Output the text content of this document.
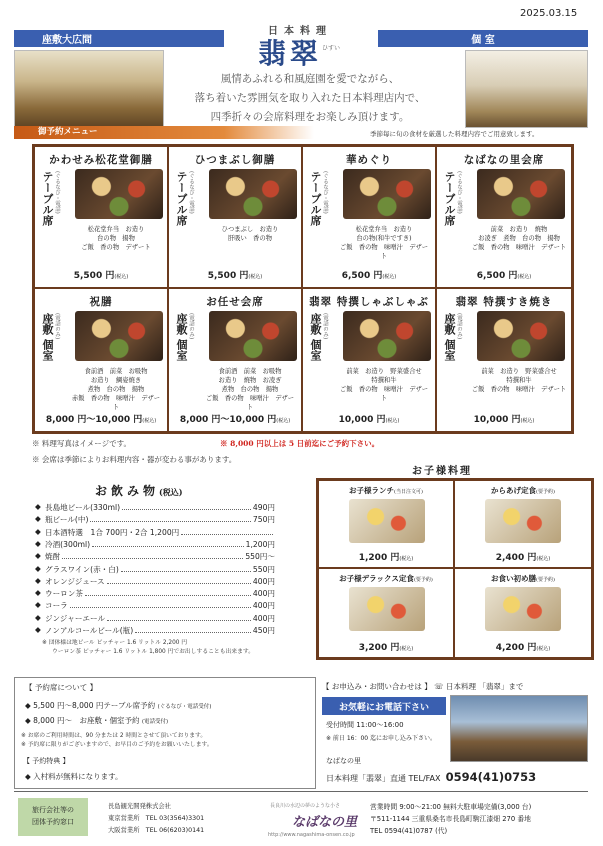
2025.03.15
座敷大広間	個 室
日本料理
翡翠 ひすい
風情あふれる和風庭園を愛でながら、
落ち着いた雰囲気を取り入れた日本料理店内で、
四季折々の会席料理をお楽しみ頂けます。
御予約メニュー	季節毎に旬の食材を厳選した料理内容でご用意致します。
かわせみ松花堂御膳
テーブル席 (ぐるなび・電話)
松花堂弁当　お造り
台の物　揚物
ご飯　香の物　デザート
5,500 円(税込)
ひつまぶし御膳
テーブル席 (ぐるなび・電話)
ひつまぶし　お造り
肝吸い　香の物
5,500 円(税込)
華めぐり
テーブル席 (ぐるなび・電話)
松花堂弁当　お造り
台の物(和牛ですき)
ご飯　香の物　味噌汁　デザート
6,500 円(税込)
なばなの里会席
テーブル席 (ぐるなび・電話)
前菜　お造り　焼物
お凌ぎ　煮物　台の物　揚物
ご飯　香の物　味噌汁　デザート
6,500 円(税込)
祝膳
座敷 個室 (電話のみ)
食前酒　前菜　お吸物
お造り　鯛姿焼き
煮物　台の物　揚物
赤飯　香の物　味噌汁　デザート
8,000 円～10,000 円(税込)
お任せ会席
座敷 個室 (電話のみ)
食前酒　前菜　お吸物
お造り　焼物　お凌ぎ
煮物　台の物　揚物
ご飯　香の物　味噌汁　デザート
8,000 円～10,000 円(税込)
翡翠 特撰しゃぶしゃぶ
座敷 個室 (電話のみ)
前菜　お造り　野菜盛合せ
特撰和牛
ご飯　香の物　味噌汁　デザート
10,000 円(税込)
翡翠 特撰すき焼き
座敷 個室 (電話のみ)
前菜　お造り　野菜盛合せ
特撰和牛
ご飯　香の物　味噌汁　デザート
10,000 円(税込)
※ 料理写真はイメージです。	※ 8,000 円以上は 5 日前迄にご予約下さい。
※ 会席は季節によりお料理内容・器が変わる事があります。
お飲み物(税込)
◆ 長島地ビール(330ml)	490円
◆ 瓶ビール(中)	750円
◆ 日本酒特選　1合 700円・2合 1,200円
◆ 冷酒(300ml)	1,200円
◆ 焼酎	550円～
◆ グラスワイン(赤・白)	550円
◆ オレンジジュース	400円
◆ ウーロン茶	400円
◆ コーラ	400円
◆ ジンジャーエール	400円
◆ ノンアルコールビール(瓶)	450円
※ 団体様は地ビール ピッチャー 1.6 リットル 2,200 円
ウーロン茶 ピッチャー 1.6 リットル 1,800 円でお出しすることも出来ます。
お子様料理
お子様ランチ(当日注文可)
1,200 円(税込)
からあげ定食(要予約)
2,400 円(税込)
お子様デラックス定食(要予約)
3,200 円(税込)
お食い初め膳(要予約)
4,200 円(税込)
【 予約席について 】
◆ 5,500 円～8,000 円テーブル席予約 (ぐるなび・電話受付)
◆ 8,000 円～　お座敷・個室予約 (電話受付)
※ お席のご利用時間は、90 分または 2 時間とさせて頂いております。
※ 予約席に限りがございますので、お早目のご予約をお願いいたします。
【 予約特典 】
◆ 入村料が無料になります。
【 お申込み・お問い合わせは 】 ☏ 日本料理 「翡翠」まで
お気軽にお電話下さい
受付時間 11:00～16:00
※ 前日 16：00 迄にお申し込み下さい。
なばなの里
日本料理「翡翠」直通 TEL/FAX 0594(41)0753
旅行会社等の
団体予約窓口
長島観光開発株式会社
東京営業所　TEL 03(3564)3301
大阪営業所　TEL 06(6203)0141
長良川の水辺の夢のような小さ
なばなの里
http://www.nagashima-onsen.co.jp
営業時間 9:00～21:00 無料大駐車場完備(3,000 台)
〒511-1144 三重県桑名市長島町駒江漆畑 270 番地
TEL 0594(41)0787 (代)
